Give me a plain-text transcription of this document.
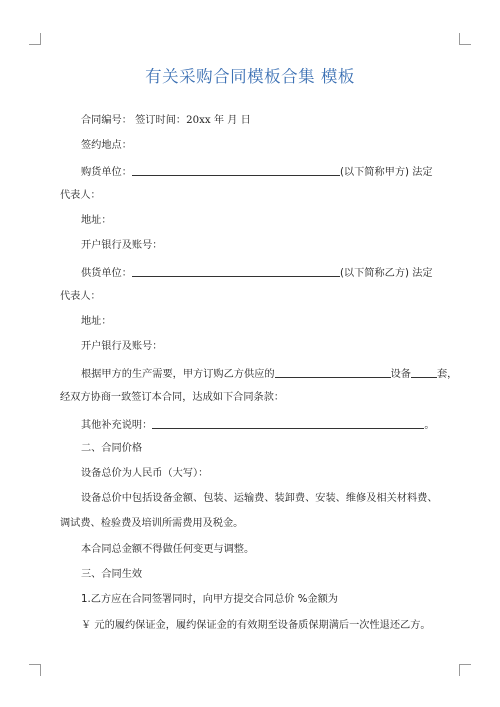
有关采购合同模板合集 模板
合同编号： 签订时间：20xx 年 月 日
签约地点：
购货单位：	(以下简称甲方) 法定
代表人：
地址：
开户银行及账号：
供货单位：	(以下简称乙方) 法定
代表人：
地址：
开户银行及账号：
根据甲方的生产需要，甲方订购乙方供应的	设备	套，
经双方协商一致签订本合同，达成如下合同条款：
其他补充说明：	。
二、合同价格
设备总价为人民币（大写）：
设备总价中包括设备金额、包装、运输费、装卸费、安装、维修及相关材料费、
调试费、检验费及培训所需费用及税金。
本合同总金额不得做任何变更与调整。
三、合同生效
1.乙方应在合同签署同时，向甲方提交合同总价 %金额为
￥ 元的履约保证金，履约保证金的有效期至设备质保期满后一次性退还乙方。
